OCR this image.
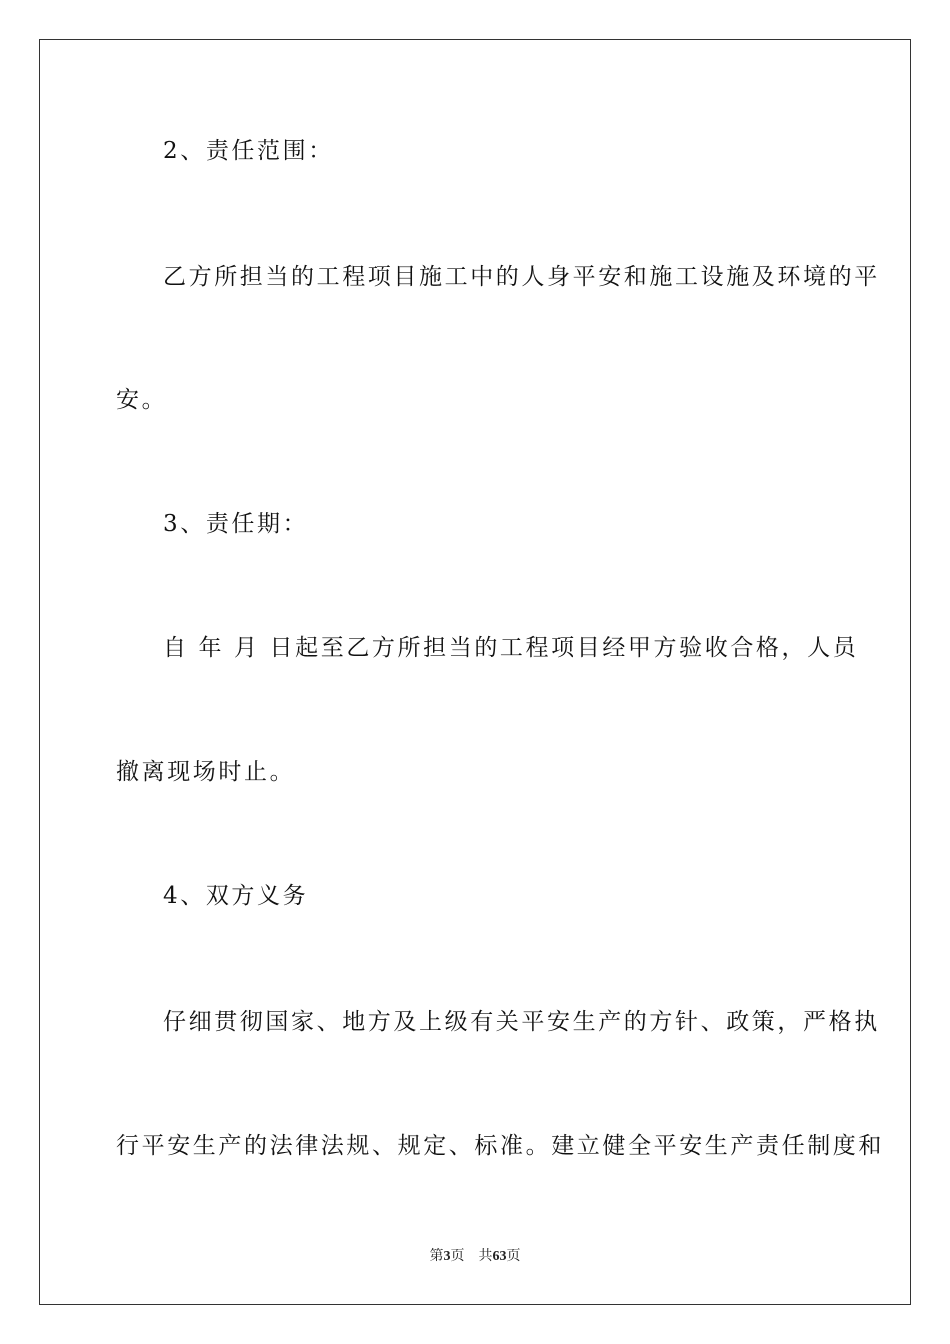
2、责任范围：
乙方所担当的工程项目施工中的人身平安和施工设施及环境的平
安。
3、责任期：
自 年 月 日起至乙方所担当的工程项目经甲方验收合格，人员
撤离现场时止。
4、双方义务
仔细贯彻国家、地方及上级有关平安生产的方针、政策，严格执
行平安生产的法律法规、规定、标准。建立健全平安生产责任制度和
第3页 共63页
